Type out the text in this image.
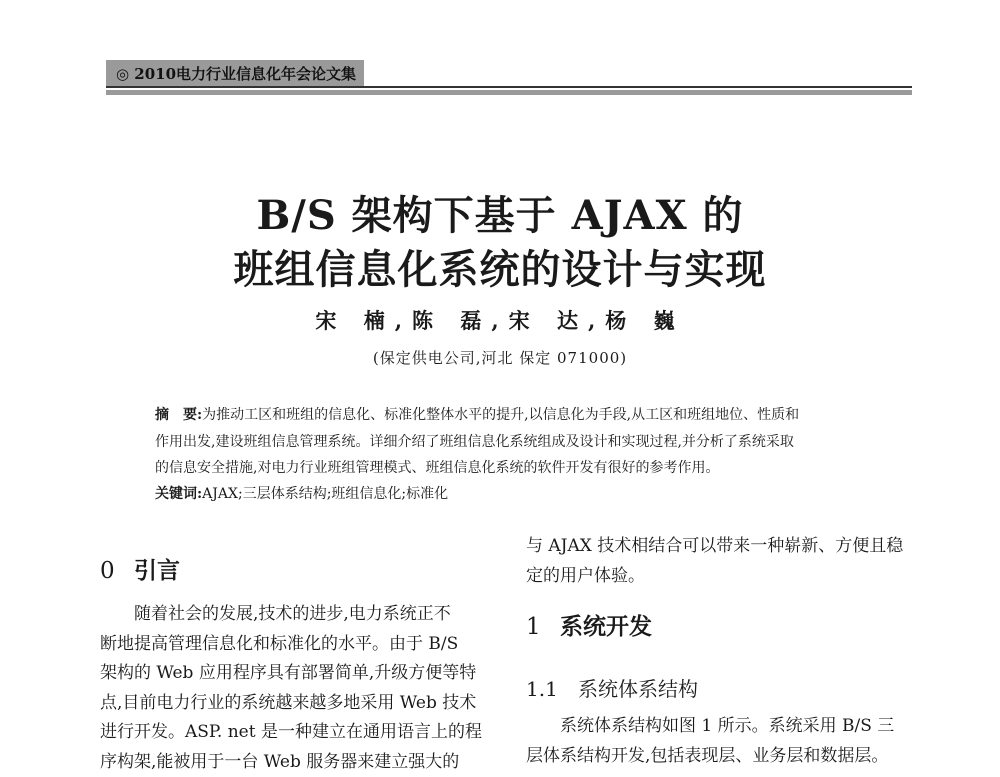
◎ 2010电力行业信息化年会论文集
B/S 架构下基于 AJAX 的
班组信息化系统的设计与实现
宋 楠,陈 磊,宋 达,杨 巍
(保定供电公司,河北 保定 071000)
摘　要:为推动工区和班组的信息化、标准化整体水平的提升,以信息化为手段,从工区和班组地位、性质和
作用出发,建设班组信息管理系统。详细介绍了班组信息化系统组成及设计和实现过程,并分析了系统采取
的信息安全措施,对电力行业班组管理模式、班组信息化系统的软件开发有很好的参考作用。
关键词:AJAX;三层体系结构;班组信息化;标准化
0 引言
随着社会的发展,技术的进步,电力系统正不
断地提高管理信息化和标准化的水平。由于 B/S
架构的 Web 应用程序具有部署简单,升级方便等特
点,目前电力行业的系统越来越多地采用 Web 技术
进行开发。ASP. net 是一种建立在通用语言上的程
序构架,能被用于一台 Web 服务器来建立强大的
与 AJAX 技术相结合可以带来一种崭新、方便且稳
定的用户体验。
1 系统开发
1.1 系统体系结构
系统体系结构如图 1 所示。系统采用 B/S 三
层体系结构开发,包括表现层、业务层和数据层。
